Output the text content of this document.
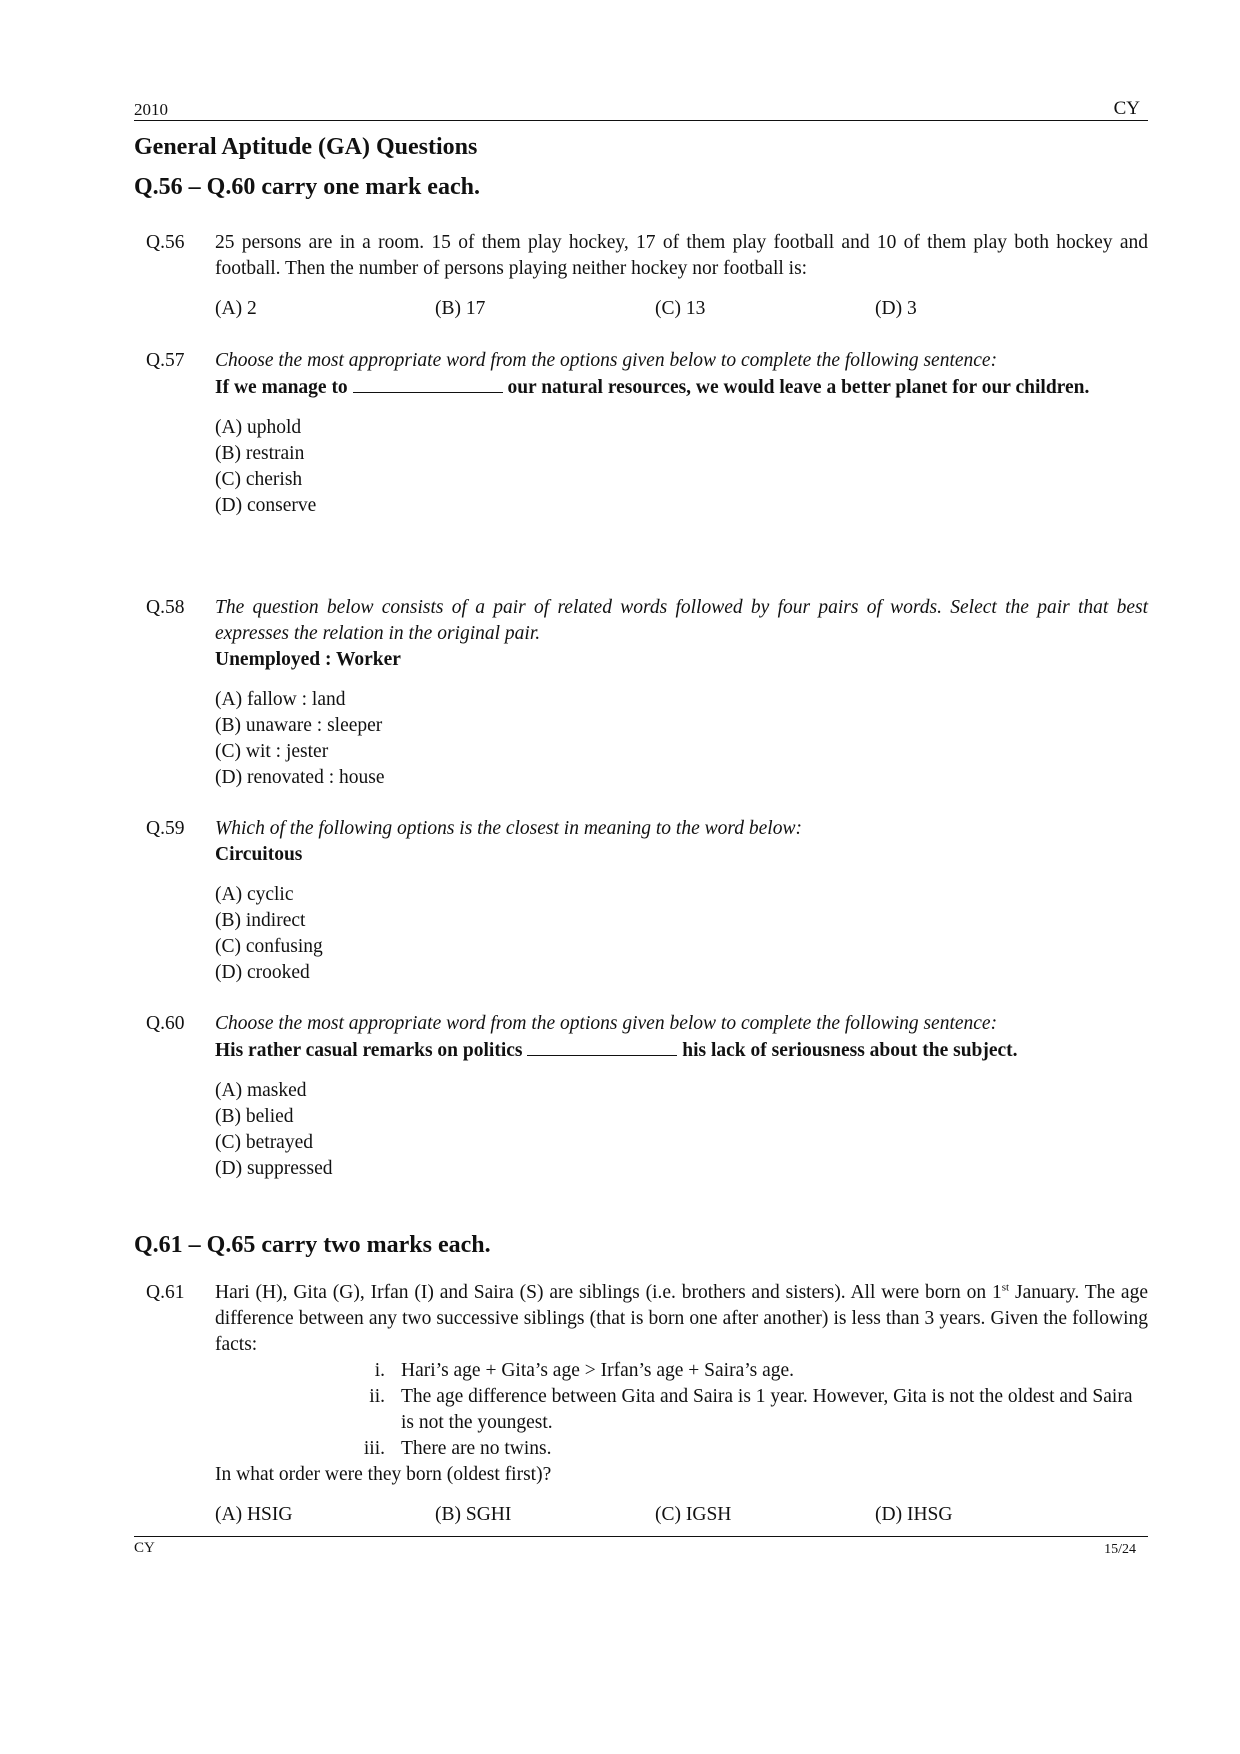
2010	CY
General Aptitude (GA) Questions
Q.56 – Q.60 carry one mark each.
Q.56 25 persons are in a room. 15 of them play hockey, 17 of them play football and 10 of them play both hockey and football. Then the number of persons playing neither hockey nor football is:
(A) 2	(B) 17	(C) 13	(D) 3
Q.57 Choose the most appropriate word from the options given below to complete the following sentence:
If we manage to	our natural resources, we would leave a better planet for our children.
(A) uphold
(B) restrain
(C) cherish
(D) conserve
Q.58 The question below consists of a pair of related words followed by four pairs of words. Select the pair that best expresses the relation in the original pair.
Unemployed : Worker
(A) fallow : land
(B) unaware : sleeper
(C) wit : jester
(D) renovated : house
Q.59 Which of the following options is the closest in meaning to the word below:
Circuitous
(A) cyclic
(B) indirect
(C) confusing
(D) crooked
Q.60 Choose the most appropriate word from the options given below to complete the following sentence:
His rather casual remarks on politics	his lack of seriousness about the subject.
(A) masked
(B) belied
(C) betrayed
(D) suppressed
Q.61 – Q.65 carry two marks each.
Q.61 Hari (H), Gita (G), Irfan (I) and Saira (S) are siblings (i.e. brothers and sisters). All were born on 1st January. The age difference between any two successive siblings (that is born one after another) is less than 3 years. Given the following facts:
i. Hari’s age + Gita’s age > Irfan’s age + Saira’s age.
ii. The age difference between Gita and Saira is 1 year. However, Gita is not the oldest and Saira is not the youngest.
iii. There are no twins.
In what order were they born (oldest first)?
(A) HSIG	(B) SGHI	(C) IGSH	(D) IHSG
CY	15/24
